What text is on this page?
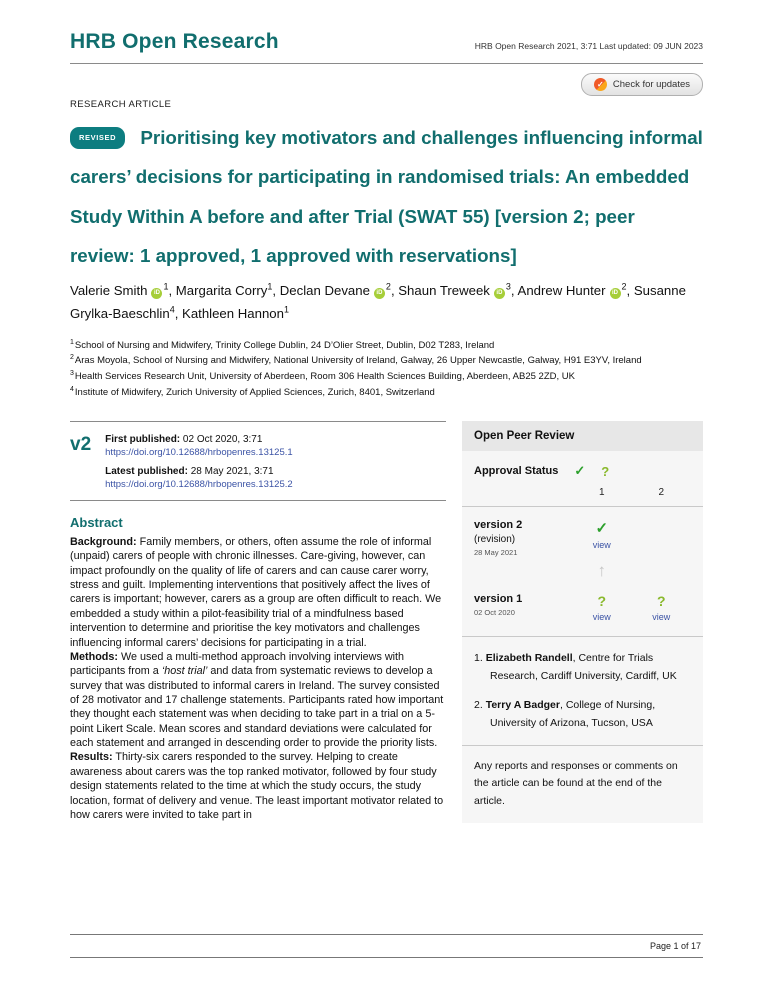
HRB Open Research	HRB Open Research 2021, 3:71 Last updated: 09 JUN 2023
✓ Check for updates
RESEARCH ARTICLE
REVISED Prioritising key motivators and challenges influencing informal carers’ decisions for participating in randomised trials: An embedded Study Within A before and after Trial (SWAT 55) [version 2; peer review: 1 approved, 1 approved with reservations]
Valerie Smith $iD^1$, Margarita Corry$^1$, Declan Devane $iD^2$, Shaun Treweek $iD^3$, Andrew Hunter $iD^2$, Susanne Grylka-Baeschlin$^4$, Kathleen Hannon$^1$
$^1$School of Nursing and Midwifery, Trinity College Dublin, 24 D’Olier Street, Dublin, D02 T283, Ireland
$^2$Aras Moyola, School of Nursing and Midwifery, National University of Ireland, Galway, 26 Upper Newcastle, Galway, H91 E3YV, Ireland
$^3$Health Services Research Unit, University of Aberdeen, Room 306 Health Sciences Building, Aberdeen, AB25 2ZD, UK
$^4$Institute of Midwifery, Zurich University of Applied Sciences, Zurich, 8401, Switzerland
v2 First published: 02 Oct 2020, 3:71
https://doi.org/10.12688/hrbopenres.13125.1
Latest published: 28 May 2021, 3:71
https://doi.org/10.12688/hrbopenres.13125.2
Abstract

Background: Family members, or others, often assume the role of informal (unpaid) carers of people with chronic illnesses. Care-giving, however, can impact profoundly on the quality of life of carers and can cause carer worry, stress and guilt. Implementing interventions that positively affect the lives of carers is important; however, carers as a group are often difficult to reach. We embedded a study within a pilot-feasibility trial of a mindfulness based intervention to determine and prioritise the key motivators and challenges influencing informal carers’ decisions for participating in a trial.

Methods: We used a multi-method approach involving interviews with participants from a ‘host trial’ and data from systematic reviews to develop a survey that was distributed to informal carers in Ireland. The survey consisted of 28 motivator and 17 challenge statements. Participants rated how important they thought each statement was when deciding to take part in a trial on a 5-point Likert Scale. Mean scores and standard deviations were calculated for each statement and arranged in descending order to provide the priority lists.

Results: Thirty-six carers responded to the survey. Helping to create awareness about carers was the top ranked motivator, followed by four study design statements related to the time at which the study occurs, the study location, format of delivery and venue. The least important motivator related to how carers were invited to take part in

Open Peer Review
Approval Status ✓ ?
1	2
version 2
(revision)
28 May 2021
✓
view
↑
version 1
02 Oct 2020
?
view
?
view
1. Elizabeth Randell, Centre for Trials Research, Cardiff University, Cardiff, UK
2. Terry A Badger, College of Nursing, University of Arizona, Tucson, USA
Any reports and responses or comments on the article can be found at the end of the article.
Page 1 of 17
